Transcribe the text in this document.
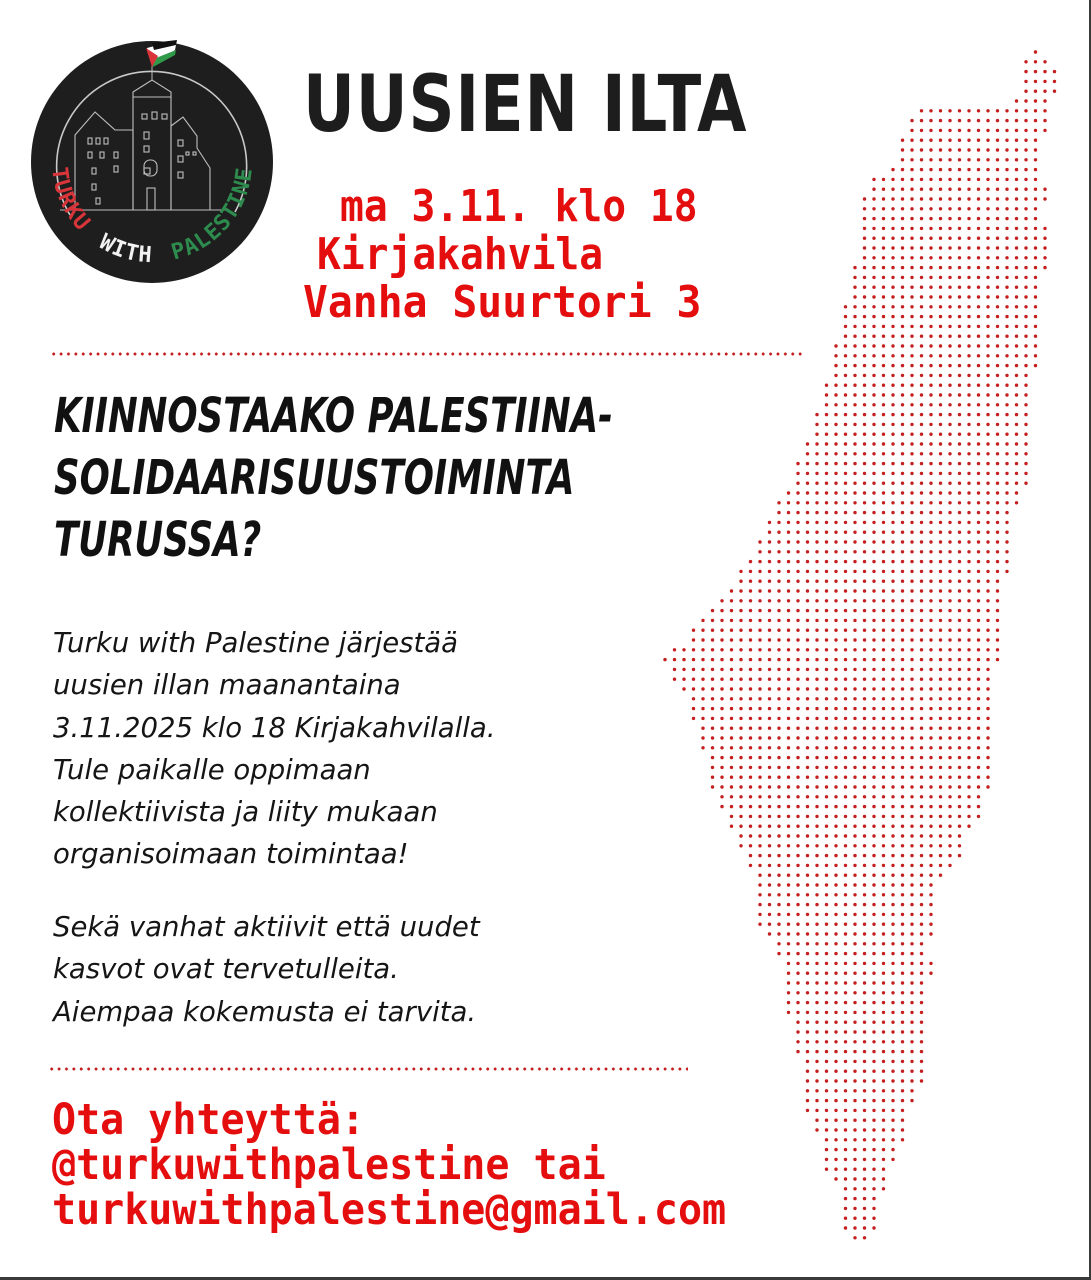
TURKU WITH PALESTINE
UUSIEN ILTA
ma 3.11. klo 18
Kirjakahvila
Vanha Suurtori 3
KIINNOSTAAKO PALESTIINA-
SOLIDAARISUUSTOIMINTA
TURUSSA?
Turku with Palestine järjestää
uusien illan maanantaina
3.11.2025 klo 18 Kirjakahvilalla.
Tule paikalle oppimaan
kollektiivista ja liity mukaan
organisoimaan toimintaa!
Sekä vanhat aktiivit että uudet
kasvot ovat tervetulleita.
Aiempaa kokemusta ei tarvita.
Ota yhteyttä:
@turkuwithpalestine tai
turkuwithpalestine@gmail.com
